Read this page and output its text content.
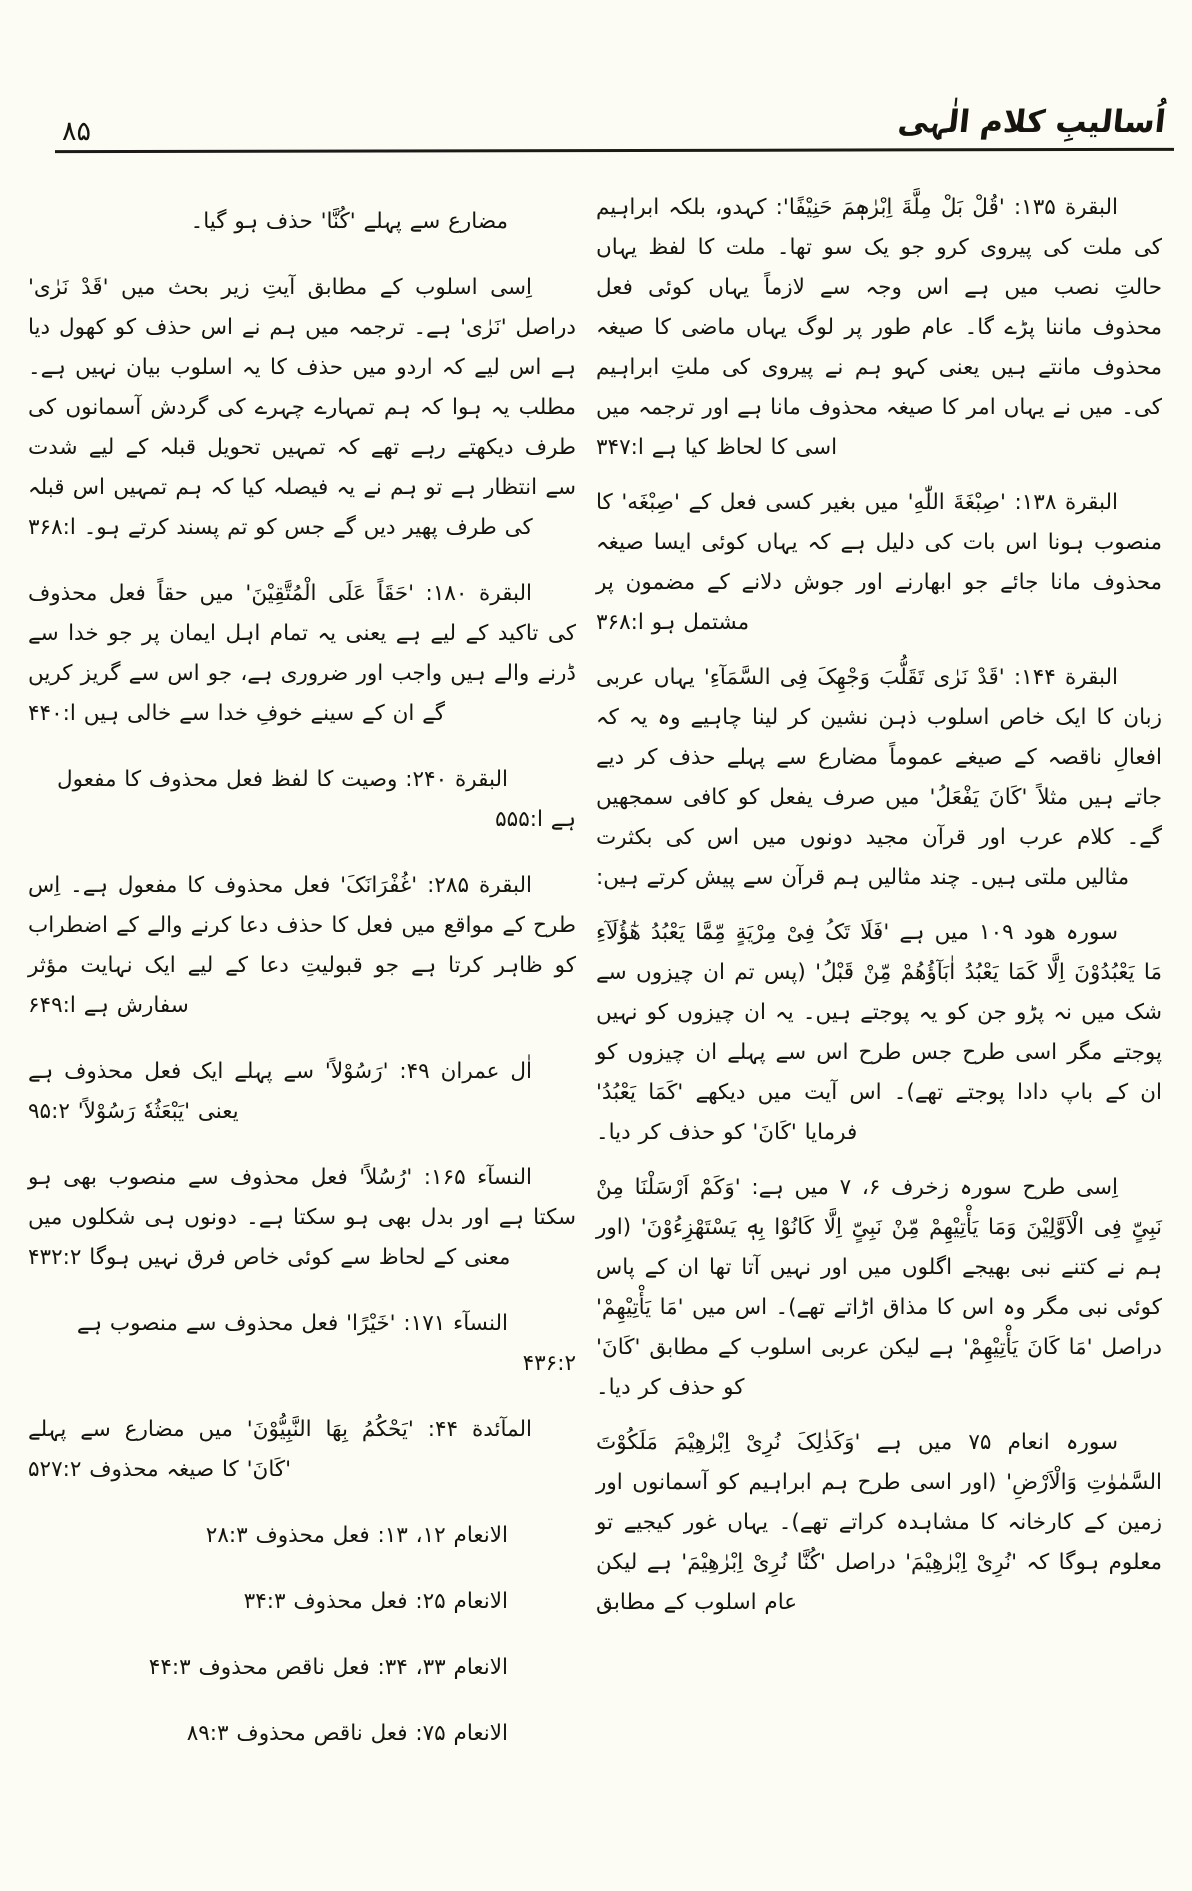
۸۵	اُسالیبِ کلام الٰہی

البقرة ۱۳۵: 'قُلْ بَلْ مِلَّةَ اِبْرٰهٖمَ حَنِیْفًا': کہدو، بلکہ ابراہیم کی ملت کی پیروی کرو جو یک سو تھا۔ ملت کا لفظ یہاں حالتِ نصب میں ہے اس وجہ سے لازماً یہاں کوئی فعل محذوف ماننا پڑے گا۔ عام طور پر لوگ یہاں ماضی کا صیغہ محذوف مانتے ہیں یعنی کہو ہم نے پیروی کی ملتِ ابراہیم کی۔ میں نے یہاں امر کا صیغہ محذوف مانا ہے اور ترجمہ میں اسی کا لحاظ کیا ہے ا:۳۴۷

البقرة ۱۳۸: 'صِبْغَةَ اللّٰهِ' میں بغیر کسی فعل کے 'صِبْغَه' کا منصوب ہونا اس بات کی دلیل ہے کہ یہاں کوئی ایسا صیغہ محذوف مانا جائے جو ابھارنے اور جوش دلانے کے مضمون پر مشتمل ہو ا:۳۶۸

البقرة ۱۴۴: 'قَدْ نَرٰی تَقَلُّبَ وَجْهِکَ فِی السَّمَآءِ' یہاں عربی زبان کا ایک خاص اسلوب ذہن نشین کر لینا چاہیے وہ یہ کہ افعالِ ناقصہ کے صیغے عموماً مضارع سے پہلے حذف کر دیے جاتے ہیں مثلاً 'کَانَ یَفْعَلُ' میں صرف یفعل کو کافی سمجھیں گے۔ کلام عرب اور قرآن مجید دونوں میں اس کی بکثرت مثالیں ملتی ہیں۔ چند مثالیں ہم قرآن سے پیش کرتے ہیں:

سورہ ھود ۱۰۹ میں ہے 'فَلَا تَکُ فِیْ مِرْیَةٍ مِّمَّا یَعْبُدُ هٰٓؤُلَآءِ مَا یَعْبُدُوْنَ اِلَّا کَمَا یَعْبُدُ اٰبَآؤُهُمْ مِّنْ قَبْلُ' (پس تم ان چیزوں سے شک میں نہ پڑو جن کو یہ پوجتے ہیں۔ یہ ان چیزوں کو نہیں پوجتے مگر اسی طرح جس طرح اس سے پہلے ان چیزوں کو ان کے باپ دادا پوجتے تھے)۔ اس آیت میں دیکھے 'کَمَا یَعْبُدُ' فرمایا 'کَانَ' کو حذف کر دیا۔

اِسی طرح سورہ زخرف ۶، ۷ میں ہے: 'وَکَمْ اَرْسَلْنَا مِنْ نَبِیٍّ فِی الْاَوَّلِیْنَ وَمَا یَأْتِیْهِمْ مِّنْ نَبِیٍّ اِلَّا کَانُوْا بِهٖ یَسْتَهْزِءُوْنَ' (اور ہم نے کتنے نبی بھیجے اگلوں میں اور نہیں آتا تھا ان کے پاس کوئی نبی مگر وہ اس کا مذاق اڑاتے تھے)۔ اس میں 'مَا یَأْتِیْهِمْ' دراصل 'مَا کَانَ یَأْتِیْهِمْ' ہے لیکن عربی اسلوب کے مطابق 'کَانَ' کو حذف کر دیا۔

سورہ انعام ۷۵ میں ہے 'وَکَذٰلِکَ نُرِیْ اِبْرٰهِیْمَ مَلَکُوْتَ السَّمٰوٰتِ وَالْاَرْضِ' (اور اسی طرح ہم ابراہیم کو آسمانوں اور زمین کے کارخانہ کا مشاہدہ کراتے تھے)۔ یہاں غور کیجیے تو معلوم ہوگا کہ 'نُرِیْ اِبْرٰهِیْمَ' دراصل 'کُنَّا نُرِیْ اِبْرٰهِیْمَ' ہے لیکن عام اسلوب کے مطابق

مضارع سے پہلے 'کُنَّا' حذف ہو گیا۔

اِسی اسلوب کے مطابق آیتِ زیر بحث میں 'قَدْ نَرٰی' دراصل 'نَرٰی' ہے۔ ترجمہ میں ہم نے اس حذف کو کھول دیا ہے اس لیے کہ اردو میں حذف کا یہ اسلوب بیان نہیں ہے۔ مطلب یہ ہوا کہ ہم تمہارے چہرے کی گردش آسمانوں کی طرف دیکھتے رہے تھے کہ تمہیں تحویل قبلہ کے لیے شدت سے انتظار ہے تو ہم نے یہ فیصلہ کیا کہ ہم تمہیں اس قبلہ کی طرف پھیر دیں گے جس کو تم پسند کرتے ہو۔ ا:۳۶۸

البقرة ۱۸۰: 'حَقَاً عَلَی الْمُتَّقِیْنَ' میں حقاً فعل محذوف کی تاکید کے لیے ہے یعنی یہ تمام اہل ایمان پر جو خدا سے ڈرنے والے ہیں واجب اور ضروری ہے، جو اس سے گریز کریں گے ان کے سینے خوفِ خدا سے خالی ہیں ا:۴۴۰

البقرة ۲۴۰: وصیت کا لفظ فعل محذوف کا مفعول ہے ا:۵۵۵

البقرة ۲۸۵: 'غُفْرَانَکَ' فعل محذوف کا مفعول ہے۔ اِس طرح کے مواقع میں فعل کا حذف دعا کرنے والے کے اضطراب کو ظاہر کرتا ہے جو قبولیتِ دعا کے لیے ایک نہایت مؤثر سفارش ہے ا:۶۴۹

اٰل عمران ۴۹: 'رَسُوْلاً' سے پہلے ایک فعل محذوف ہے یعنی 'یَبْعَثُهٗ رَسُوْلاً' ۹۵:۲

النسآء ۱۶۵: 'رُسُلاً' فعل محذوف سے منصوب بھی ہو سکتا ہے اور بدل بھی ہو سکتا ہے۔ دونوں ہی شکلوں میں معنی کے لحاظ سے کوئی خاص فرق نہیں ہوگا ۴۳۲:۲

النسآء ۱۷۱: 'خَیْرًا' فعل محذوف سے منصوب ہے ۴۳۶:۲

المآئدة ۴۴: 'یَحْکُمُ بِهَا النَّبِیُّوْنَ' میں مضارع سے پہلے 'کَانَ' کا صیغہ محذوف ۵۲۷:۲

الانعام ۱۲، ۱۳: فعل محذوف ۲۸:۳

الانعام ۲۵: فعل محذوف ۳۴:۳

الانعام ۳۳، ۳۴: فعل ناقص محذوف ۴۴:۳

الانعام ۷۵: فعل ناقص محذوف ۸۹:۳
